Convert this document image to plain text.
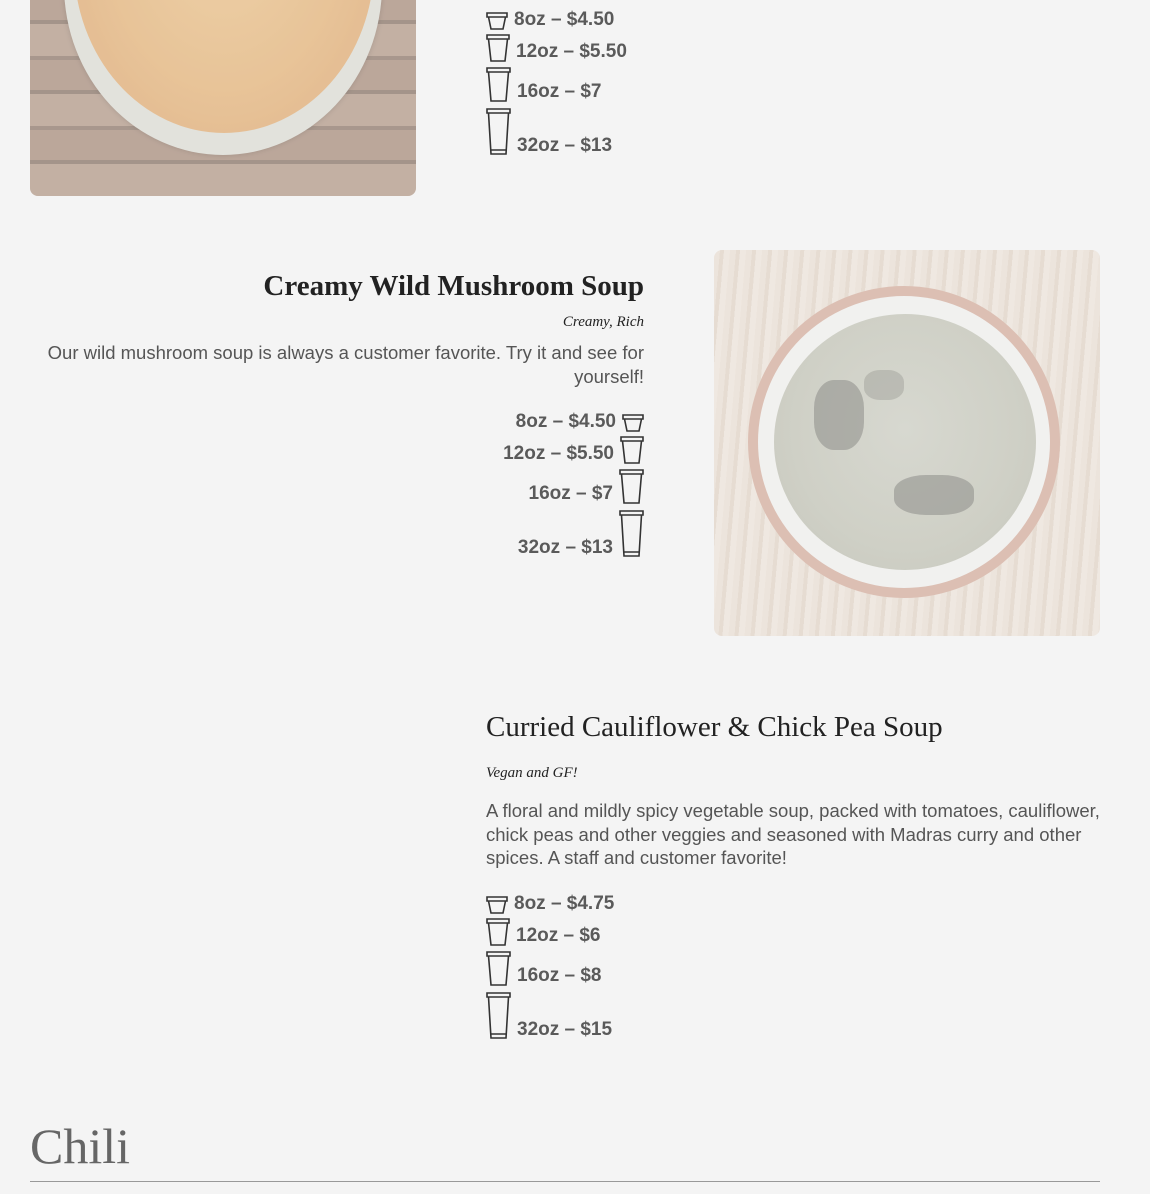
8oz – $4.50
12oz – $5.50
16oz – $7
32oz – $13
Creamy Wild Mushroom Soup
Creamy, Rich
Our wild mushroom soup is always a customer favorite. Try it and see for yourself!
8oz – $4.50
12oz – $5.50
16oz – $7
32oz – $13
Curried Cauliflower & Chick Pea Soup
Vegan and GF!
A floral and mildly spicy vegetable soup, packed with tomatoes, cauliflower, chick peas and other veggies and seasoned with Madras curry and other spices. A staff and customer favorite!
8oz – $4.75
12oz – $6
16oz – $8
32oz – $15
Chili
